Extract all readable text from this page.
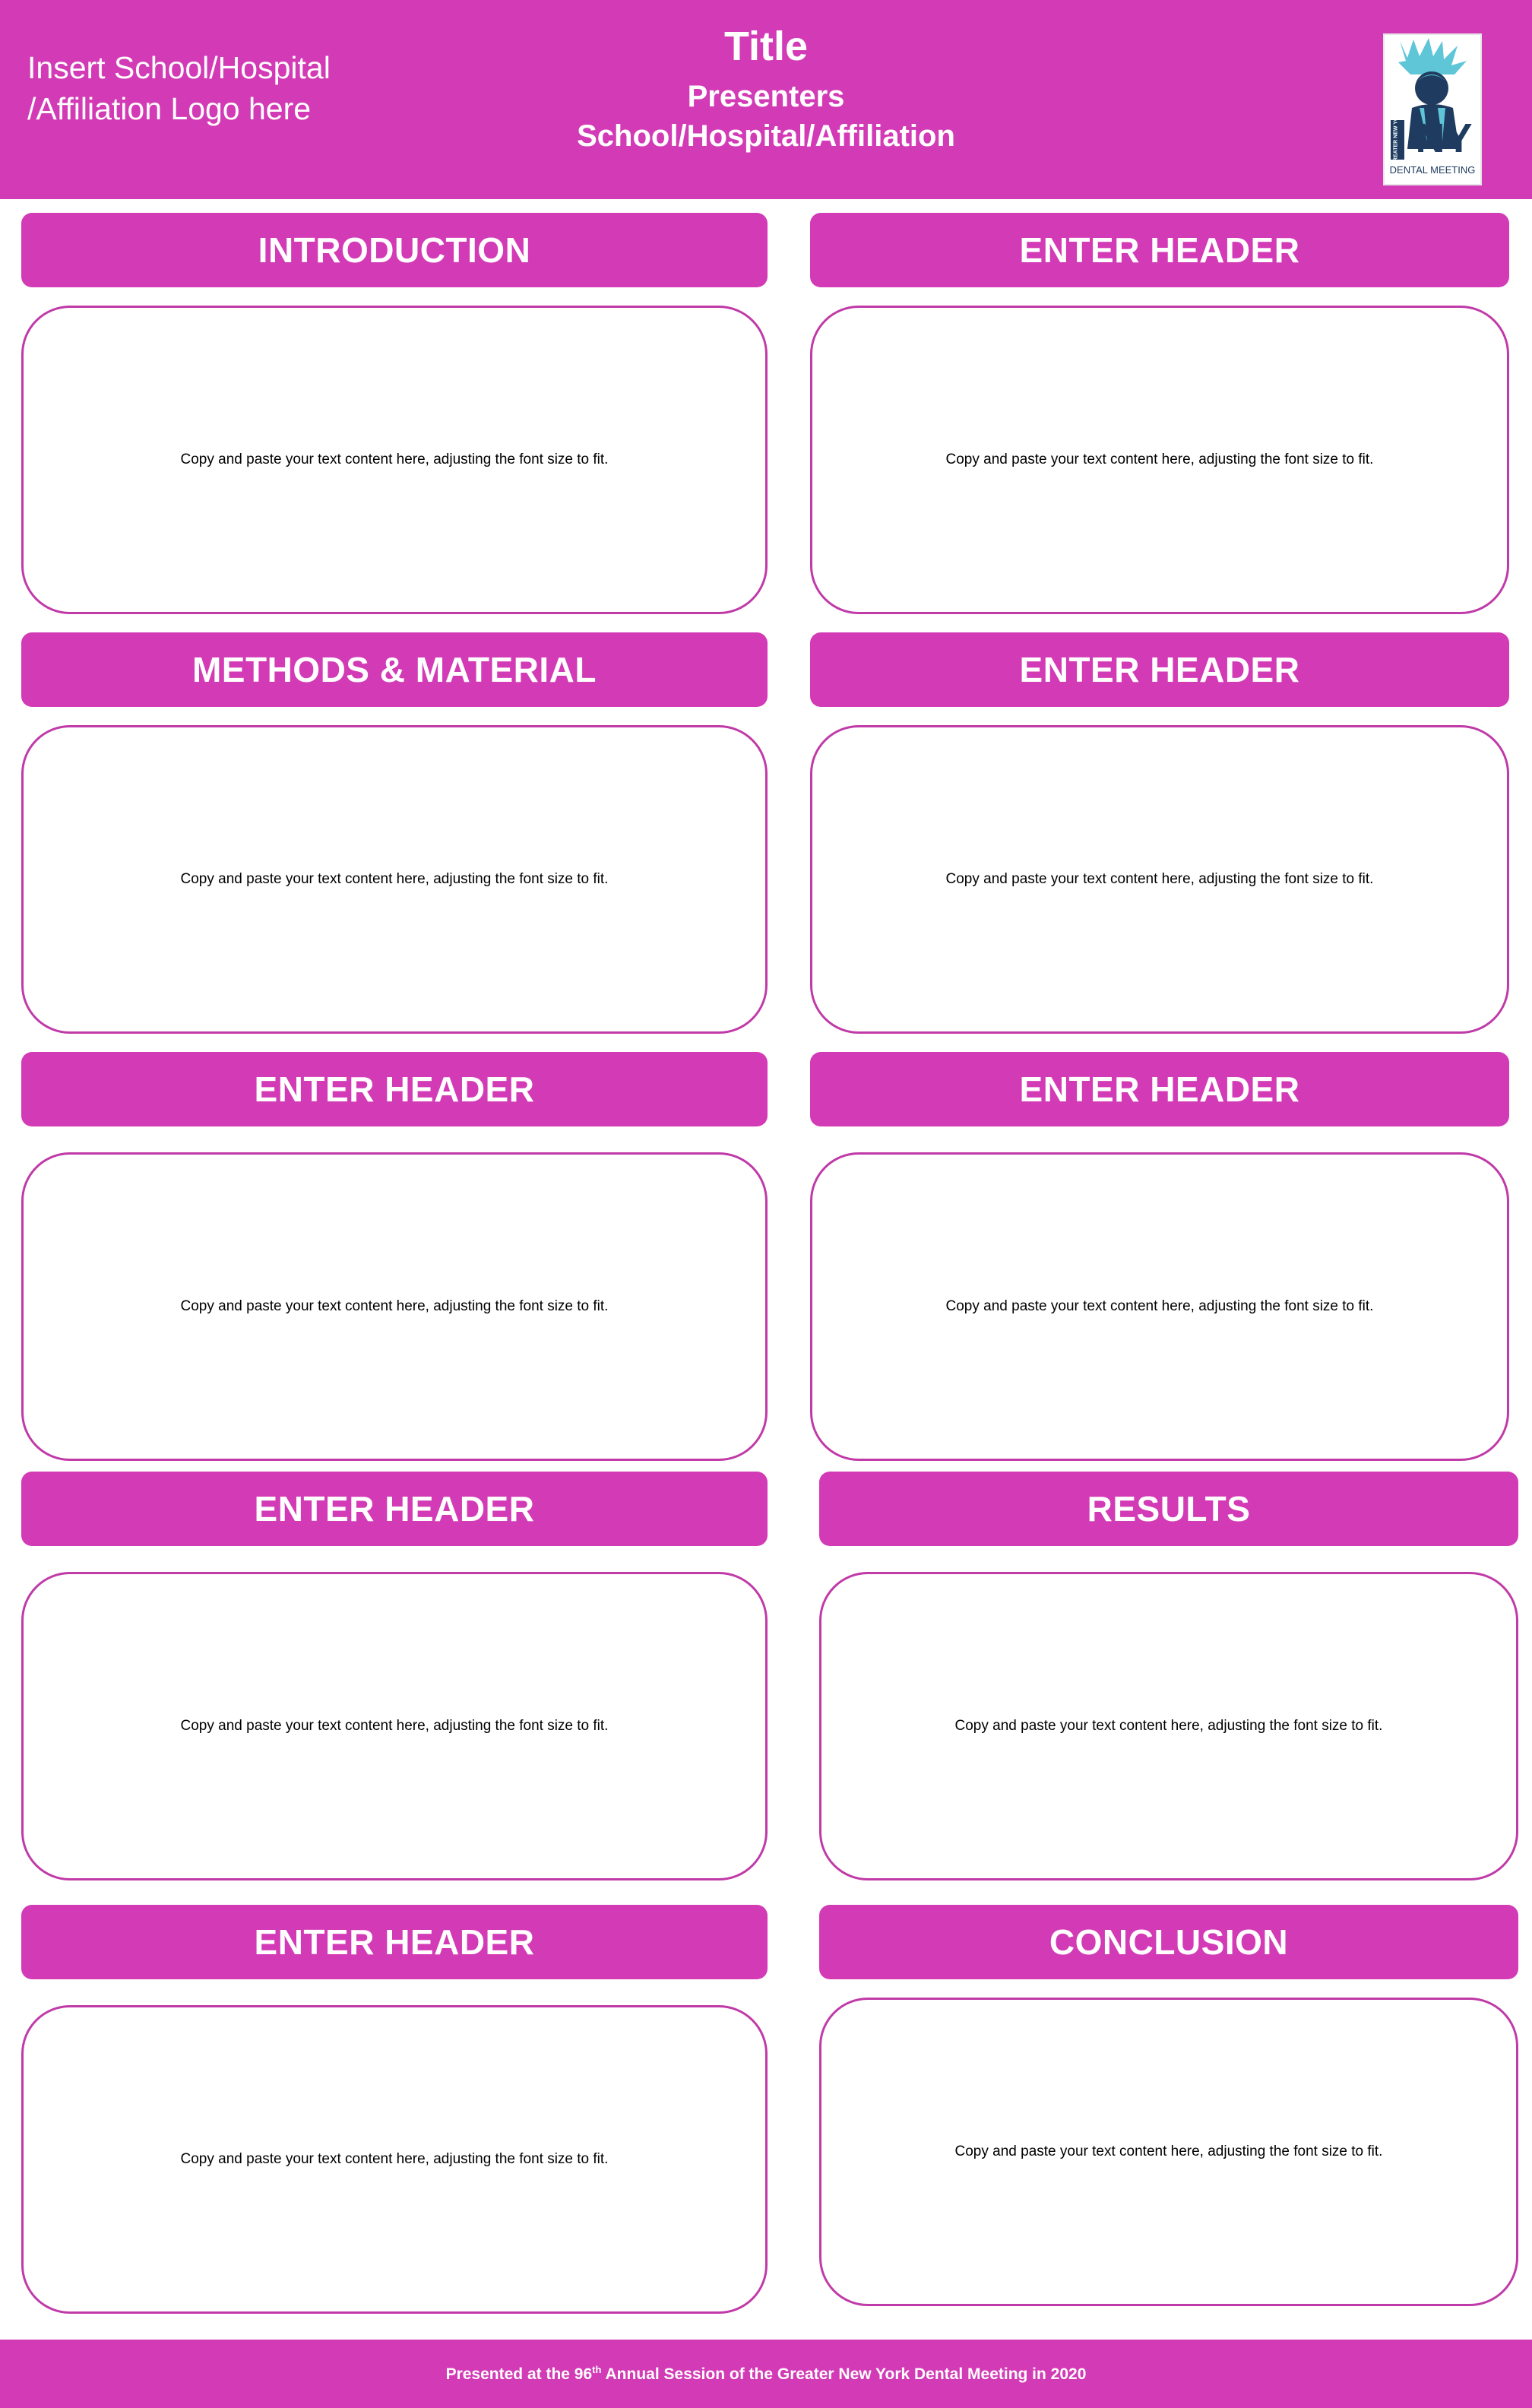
Insert School/Hospital
/Affiliation Logo here
Title
Presenters
School/Hospital/Affiliation	NY
GREATER NEW YORK
DENTAL MEETING
INTRODUCTION
Copy and paste your text content here, adjusting the font size to fit.
METHODS & MATERIAL
Copy and paste your text content here, adjusting the font size to fit.
ENTER HEADER
Copy and paste your text content here, adjusting the font size to fit.
ENTER HEADER
Copy and paste your text content here, adjusting the font size to fit.
ENTER HEADER
Copy and paste your text content here, adjusting the font size to fit.
ENTER HEADER
Copy and paste your text content here, adjusting the font size to fit.
ENTER HEADER
Copy and paste your text content here, adjusting the font size to fit.
ENTER HEADER
Copy and paste your text content here, adjusting the font size to fit.
RESULTS
Copy and paste your text content here, adjusting the font size to fit.
CONCLUSION
Copy and paste your text content here, adjusting the font size to fit.
Presented at the 96th Annual Session of the Greater New York Dental Meeting in 2020
